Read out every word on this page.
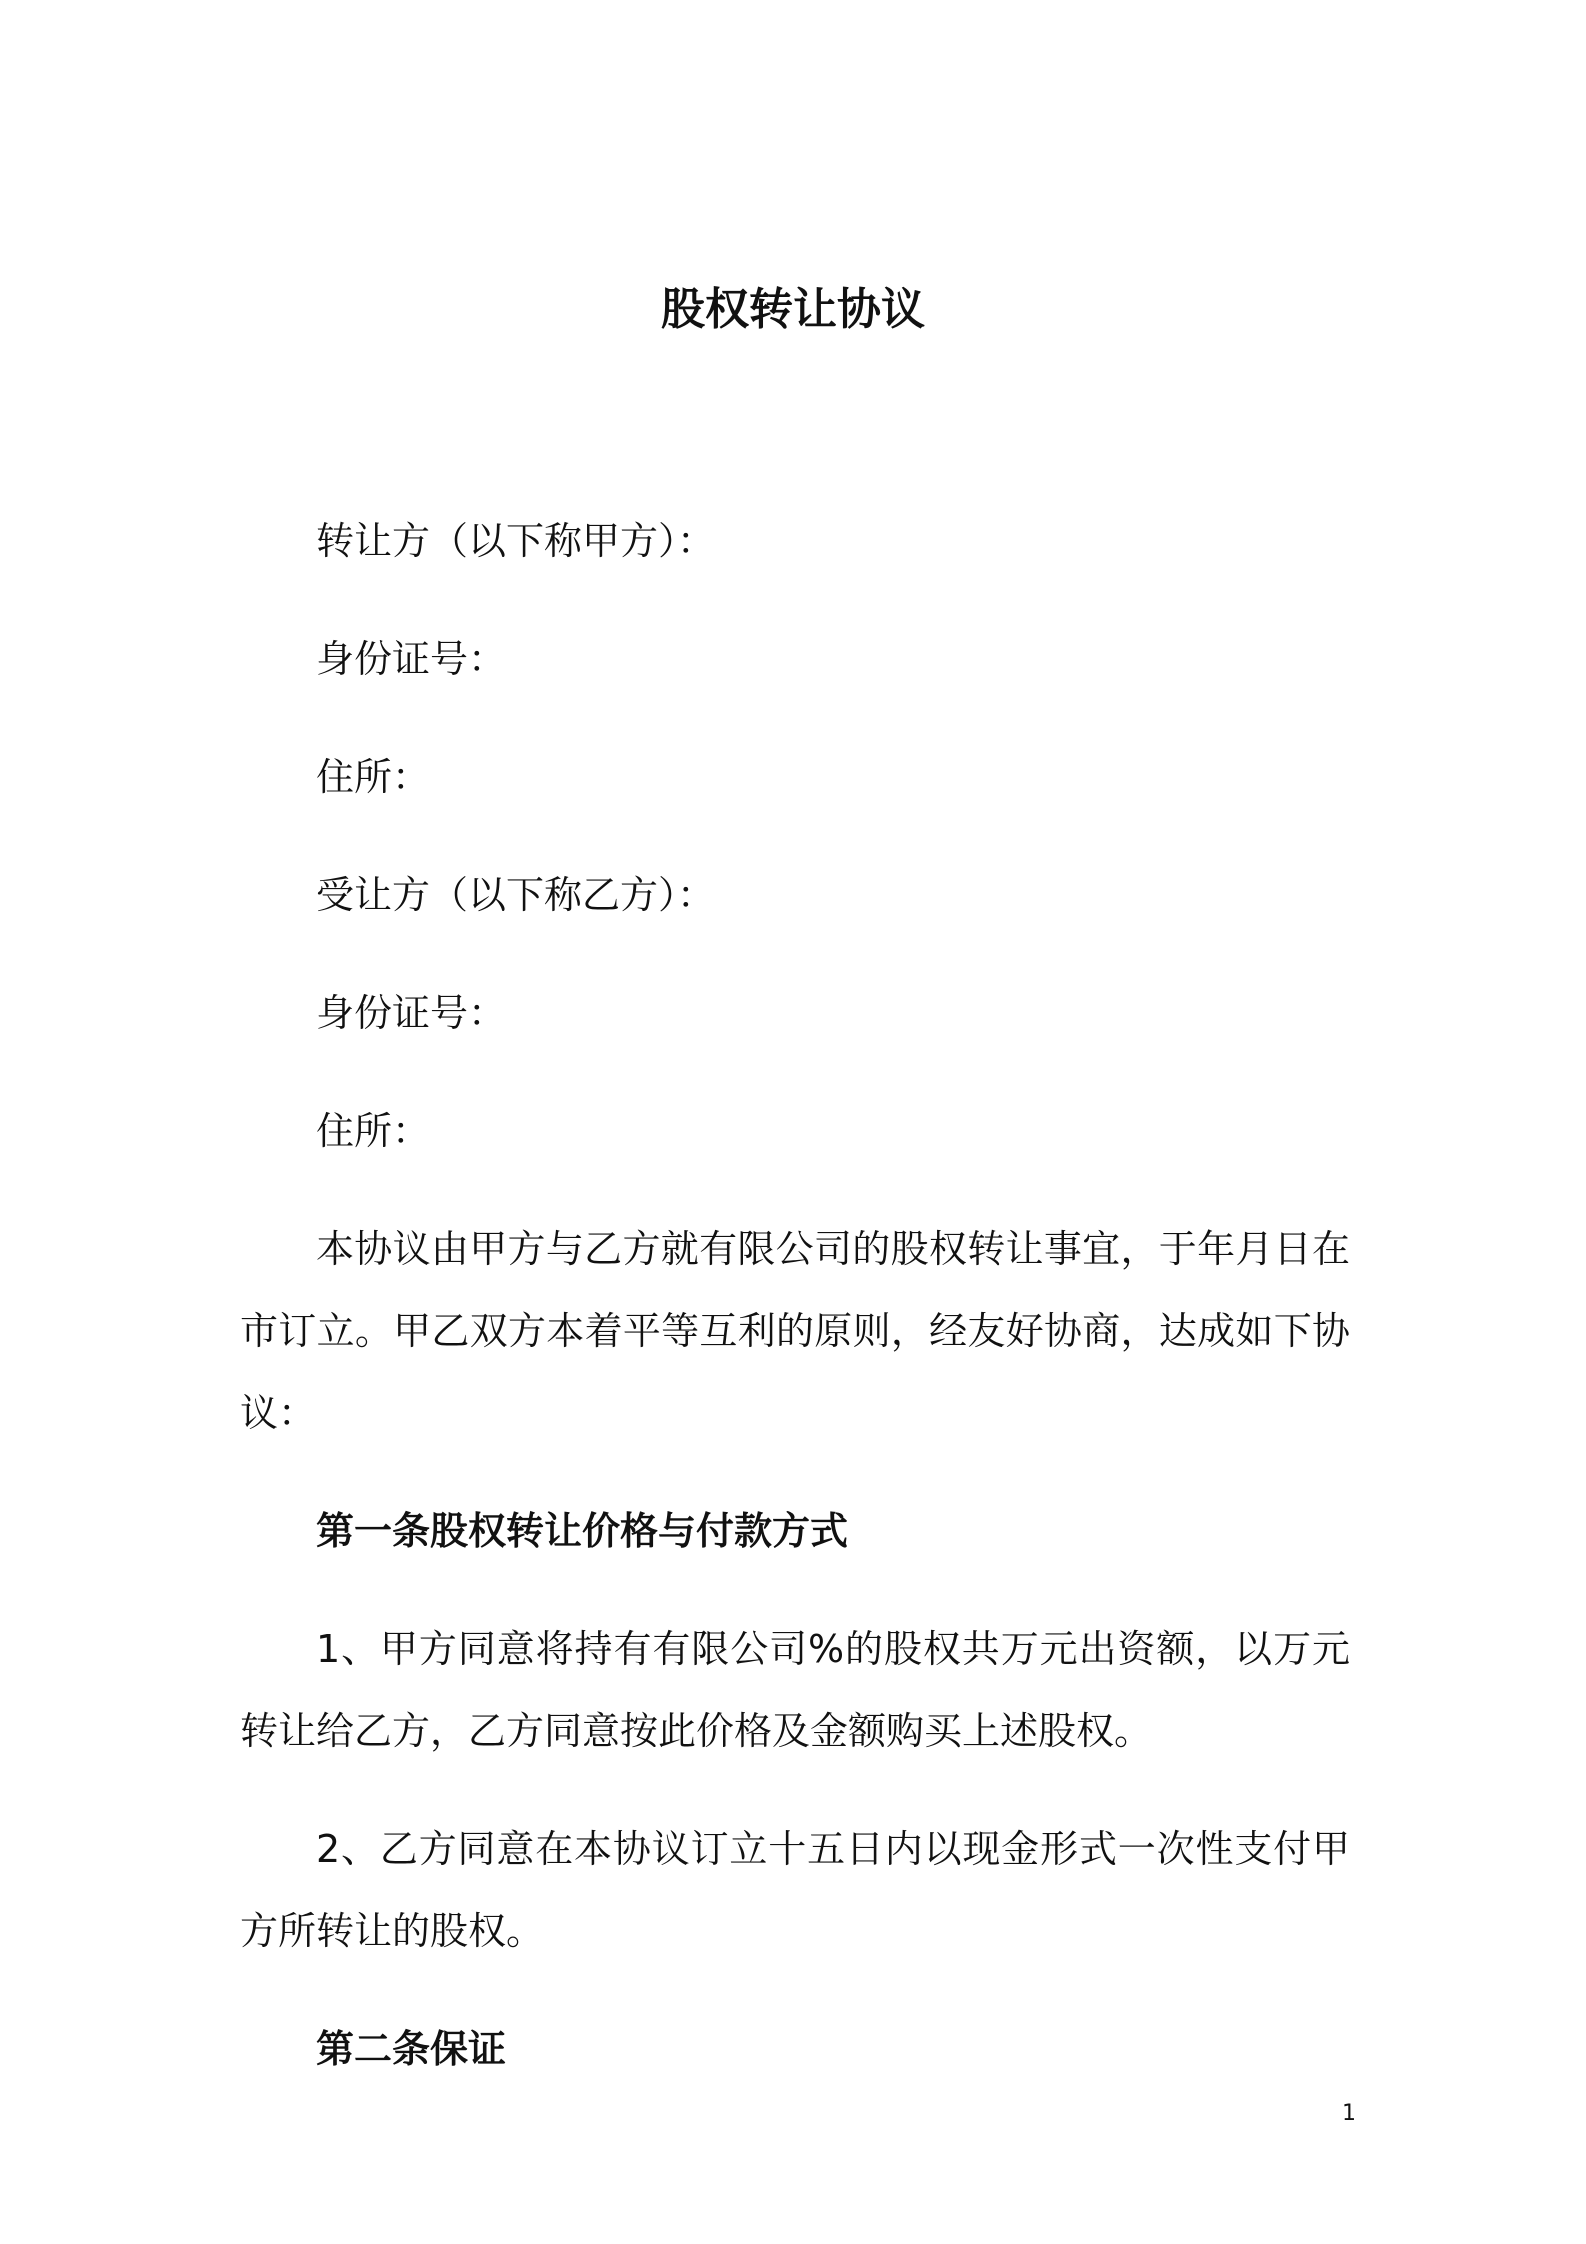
股权转让协议
转让方（以下称甲方）：
身份证号：
住所：
受让方（以下称乙方）：
身份证号：
住所：
本协议由甲方与乙方就有限公司的股权转让事宜，于年月日在市订立。甲乙双方本着平等互利的原则，经友好协商，达成如下协议：
第一条股权转让价格与付款方式
1、甲方同意将持有有限公司%的股权共万元出资额，以万元转让给乙方，乙方同意按此价格及金额购买上述股权。
2、乙方同意在本协议订立十五日内以现金形式一次性支付甲方所转让的股权。
第二条保证
1
